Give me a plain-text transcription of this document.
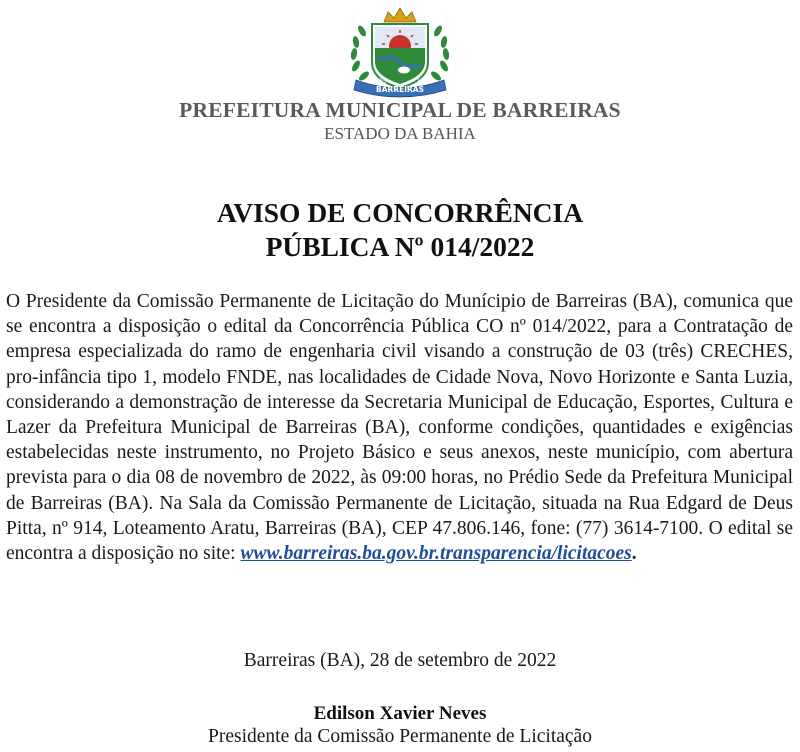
BARREIRAS
26/05	1891
PREFEITURA MUNICIPAL DE BARREIRAS
ESTADO DA BAHIA
AVISO DE CONCORRÊNCIA
PÚBLICA Nº 014/2022
O Presidente da Comissão Permanente de Licitação do Munícipio de Barreiras (BA), comunica que se encontra a disposição o edital da Concorrência Pública CO nº 014/2022, para a Contratação de empresa especializada do ramo de engenharia civil visando a construção de 03 (três) CRECHES, pro-infância tipo 1, modelo FNDE, nas localidades de Cidade Nova, Novo Horizonte e Santa Luzia, considerando a demonstração de interesse da Secretaria Municipal de Educação, Esportes, Cultura e Lazer da Prefeitura Municipal de Barreiras (BA), conforme condições, quantidades e exigências estabelecidas neste instrumento, no Projeto Básico e seus anexos, neste município, com abertura prevista para o dia 08 de novembro de 2022, às 09:00 horas, no Prédio Sede da Prefeitura Municipal de Barreiras (BA). Na Sala da Comissão Permanente de Licitação, situada na Rua Edgard de Deus Pitta, nº 914, Loteamento Aratu, Barreiras (BA), CEP 47.806.146, fone: (77) 3614-7100. O edital se encontra a disposição no site: www.barreiras.ba.gov.br.transparencia/licitacoes.
Barreiras (BA), 28 de setembro de 2022
Edilson Xavier Neves
Presidente da Comissão Permanente de Licitação
